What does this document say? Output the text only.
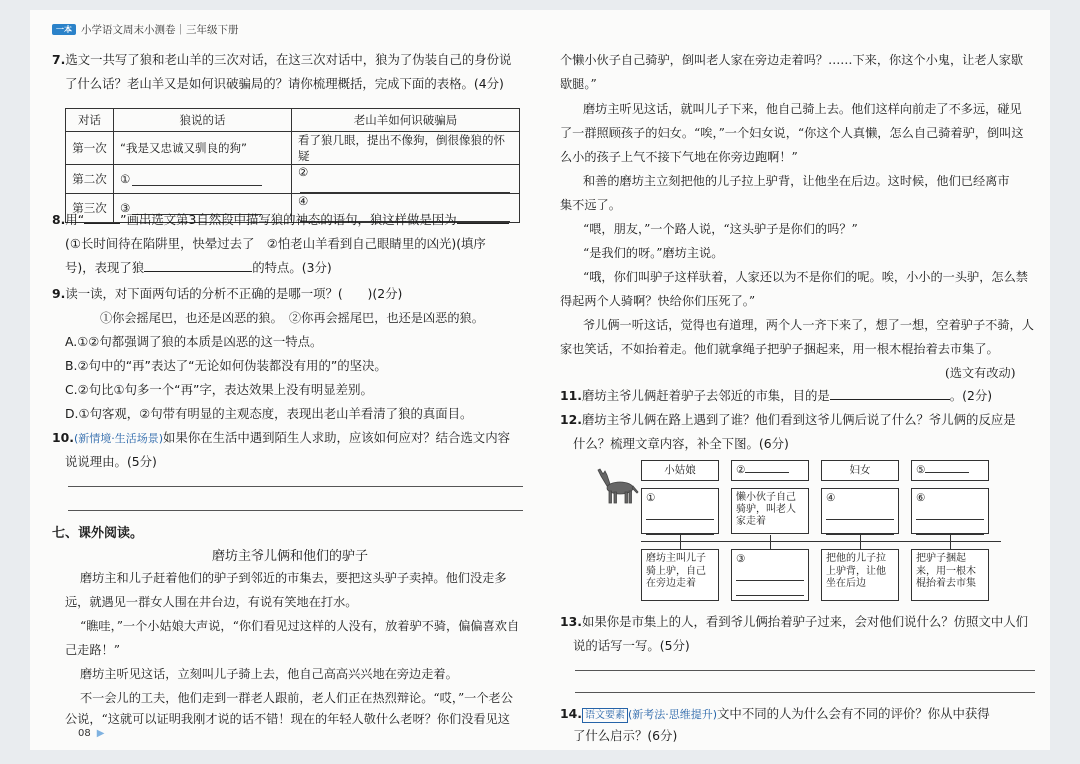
一本 小学语文周末小测卷｜三年级下册
7.选文一共写了狼和老山羊的三次对话，在这三次对话中，狼为了伪装自己的身份说
了什么话？老山羊又是如何识破骗局的？请你梳理概括，完成下面的表格。(4分)
对话	狼说的话	老山羊如何识破骗局
第一次	“我是又忠诚又驯良的狗”	看了狼几眼，提出不像狗，倒很像狼的怀疑
第二次	①	②
第三次	③	④
8.用“	”画出选文第3自然段中描写狼的神态的语句，狼这样做是因为
(①长时间待在陷阱里，快晕过去了　②怕老山羊看到自己眼睛里的凶光)(填序
号)，表现了狼	的特点。(3分)
9.读一读，对下面两句话的分析不正确的是哪一项？(　　)(2分)
①你会摇尾巴，也还是凶恶的狼。　②你再会摇尾巴，也还是凶恶的狼。
A.①②句都强调了狼的本质是凶恶的这一特点。
B.②句中的“再”表达了“无论如何伪装都没有用的”的坚决。
C.②句比①句多一个“再”字，表达效果上没有明显差别。
D.①句客观，②句带有明显的主观态度，表现出老山羊看清了狼的真面目。
10.(新情境·生活场景)如果你在生活中遇到陌生人求助，应该如何应对？结合选文内容
说说理由。(5分)
七、课外阅读。
磨坊主爷儿俩和他们的驴子
磨坊主和儿子赶着他们的驴子到邻近的市集去，要把这头驴子卖掉。他们没走多
远，就遇见一群女人围在井台边，有说有笑地在打水。
“瞧哇，”一个小姑娘大声说，“你们看见过这样的人没有，放着驴不骑，偏偏喜欢自
己走路！”
磨坊主听见这话，立刻叫儿子骑上去，他自己高高兴兴地在旁边走着。
不一会儿的工夫，他们走到一群老人跟前，老人们正在热烈辩论。“哎，”一个老公
公说，“这就可以证明我刚才说的话不错！现在的年轻人敬什么老呀？你们没看见这
08 ▶
个懒小伙子自己骑驴，倒叫老人家在旁边走着吗？……下来，你这个小鬼，让老人家歇
歇腿。”
磨坊主听见这话，就叫儿子下来，他自己骑上去。他们这样向前走了不多远，碰见
了一群照顾孩子的妇女。“唉，”一个妇女说，“你这个人真懒，怎么自己骑着驴，倒叫这
么小的孩子上气不接下气地在你旁边跑啊！”
和善的磨坊主立刻把他的儿子拉上驴背，让他坐在后边。这时候，他们已经离市
集不远了。
“喂，朋友，”一个路人说，“这头驴子是你们的吗？”
“是我们的呀。”磨坊主说。
“哦，你们叫驴子这样驮着，人家还以为不是你们的呢。唉，小小的一头驴，怎么禁
得起两个人骑啊？快给你们压死了。”
爷儿俩一听这话，觉得也有道理，两个人一齐下来了，想了一想，空着驴子不骑，人
家也笑话，不如抬着走。他们就拿绳子把驴子捆起来，用一根木棍抬着去市集了。
(选文有改动)
11.磨坊主爷儿俩赶着驴子去邻近的市集，目的是	。(2分)
12.磨坊主爷儿俩在路上遇到了谁？他们看到这爷儿俩后说了什么？爷儿俩的反应是
什么？梳理文章内容，补全下图。(6分)
小姑娘	②	妇女	⑤
①	懒小伙子自己骑驴，叫老人家走着
④	⑥
磨坊主叫儿子骑上驴，自己在旁边走着
③	把他的儿子拉上驴背，让他坐在后边
把驴子捆起来，用一根木棍抬着去市集
13.如果你是市集上的人，看到爷儿俩抬着驴子过来，会对他们说什么？仿照文中人们
说的话写一写。(5分)
14. 语文要素 (新考法·思维提升)文中不同的人为什么会有不同的评价？你从中获得
了什么启示？(6分)
